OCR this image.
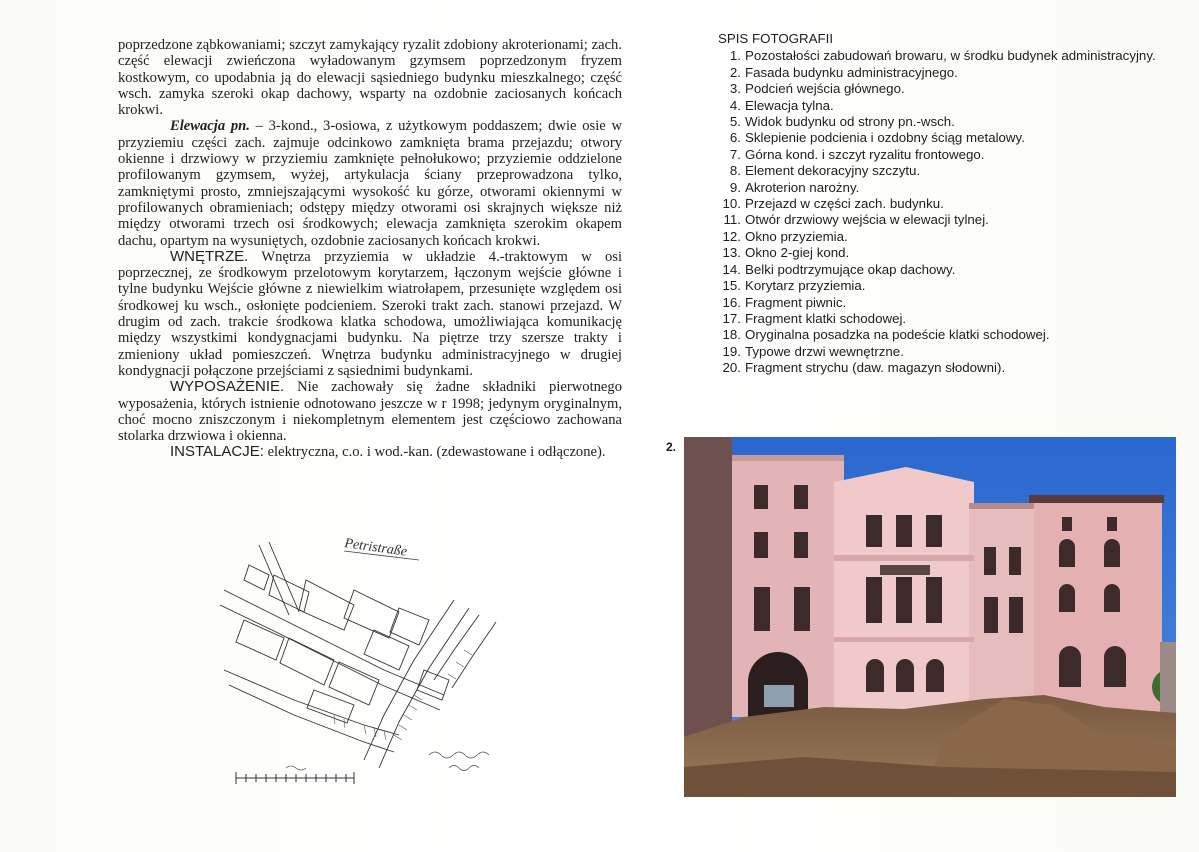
poprzedzone ząbkowaniami; szczyt zamykający ryzalit zdobiony akroterionami; zach. część elewacji zwieńczona wyładowanym gzymsem poprzedzonym fryzem kostkowym, co upodabnia ją do elewacji sąsiedniego budynku mieszkalnego; część wsch. zamyka szeroki okap dachowy, wsparty na ozdobnie zaciosanych końcach krokwi.

Elewacja pn. – 3-kond., 3-osiowa, z użytkowym poddaszem; dwie osie w przyziemiu części zach. zajmuje odcinkowo zamknięta brama przejazdu; otwory okienne i drzwiowy w przyziemiu zamknięte pełnołukowo; przyziemie oddzielone profilowanym gzymsem, wyżej, artykulacja ściany przeprowadzona tylko, zamkniętymi prosto, zmniejszającymi wysokość ku górze, otworami okiennymi w profilowanych obramieniach; odstępy między otworami osi skrajnych większe niż między otworami trzech osi środkowych; elewacja zamknięta szerokim okapem dachu, opartym na wysuniętych, ozdobnie zaciosanych końcach krokwi.

WNĘTRZE. Wnętrza przyziemia w układzie 4.-traktowym w osi poprzecznej, ze środkowym przelotowym korytarzem, łączonym wejście główne i tylne budynku Wejście główne z niewielkim wiatrołapem, przesunięte względem osi środkowej ku wsch., osłonięte podcieniem. Szeroki trakt zach. stanowi przejazd. W drugim od zach. trakcie środkowa klatka schodowa, umożliwiająca komunikację między wszystkimi kondygnacjami budynku. Na piętrze trzy szersze trakty i zmieniony układ pomieszczeń. Wnętrza budynku administracyjnego w drugiej kondygnacji połączone przejściami z sąsiednimi budynkami.

WYPOSAŻENIE. Nie zachowały się żadne składniki pierwotnego wyposażenia, których istnienie odnotowano jeszcze w r 1998; jedynym oryginalnym, choć mocno zniszczonym i niekompletnym elementem jest częściowo zachowana stolarka drzwiowa i okienna.

INSTALACJE: elektryczna, c.o. i wod.-kan. (zdewastowane i odłączone).

Petristraße
SPIS FOTOGRAFII
1. Pozostałości zabudowań browaru, w środku budynek administracyjny.
2. Fasada budynku administracyjnego.
3. Podcień wejścia głównego.
4. Elewacja tylna.
5. Widok budynku od strony pn.-wsch.
6. Sklepienie podcienia i ozdobny ściąg metalowy.
7. Górna kond. i szczyt ryzalitu frontowego.
8. Element dekoracyjny szczytu.
9. Akroterion narożny.
10. Przejazd w części zach. budynku.
11. Otwór drzwiowy wejścia w elewacji tylnej.
12. Okno przyziemia.
13. Okno 2-giej kond.
14. Belki podtrzymujące okap dachowy.
15. Korytarz przyziemia.
16. Fragment piwnic.
17. Fragment klatki schodowej.
18. Oryginalna posadzka na podeście klatki schodowej.
19. Typowe drzwi wewnętrzne.
20. Fragment strychu (daw. magazyn słodowni).
2.
